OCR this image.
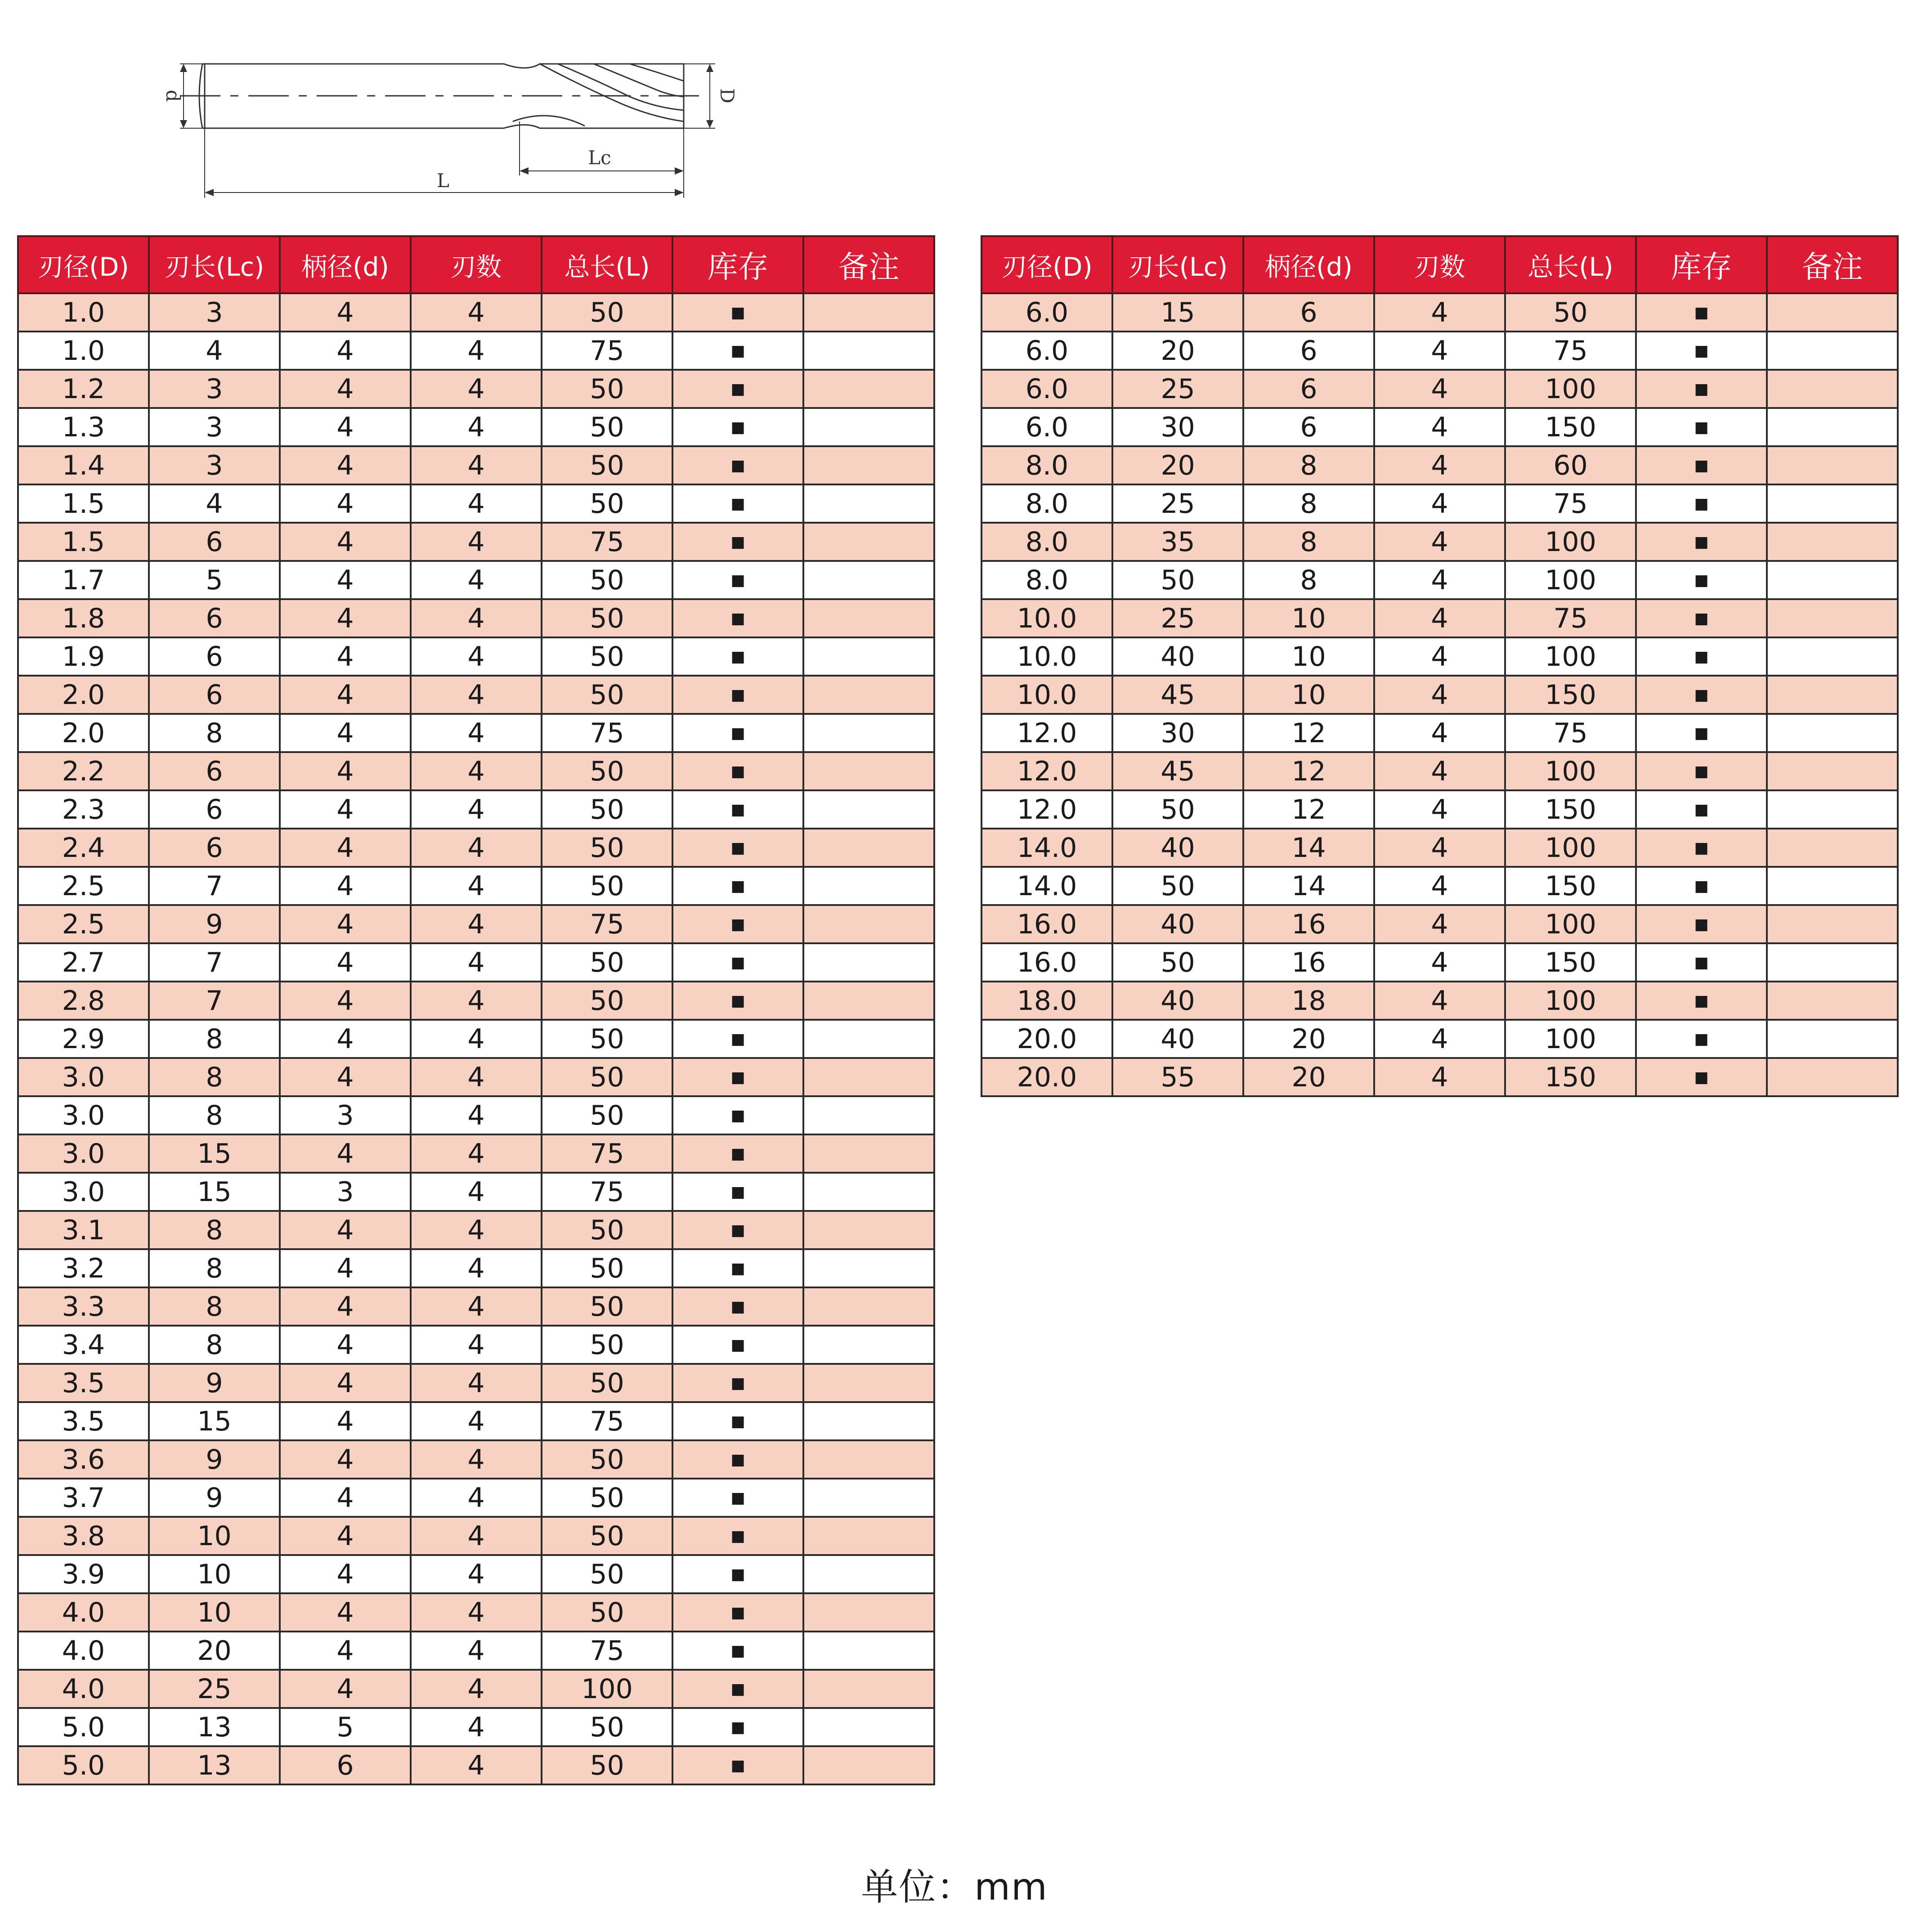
d	D
Lc
L
刃径(D)	刃长(Lc)	柄径(d)	刃数	总长(L)	库存	备注
1.0	3	4	4	50	■	
1.0	4	4	4	75	■	
1.2	3	4	4	50	■	
1.3	3	4	4	50	■	
1.4	3	4	4	50	■	
1.5	4	4	4	50	■	
1.5	6	4	4	75	■	
1.7	5	4	4	50	■	
1.8	6	4	4	50	■	
1.9	6	4	4	50	■	
2.0	6	4	4	50	■	
2.0	8	4	4	75	■	
2.2	6	4	4	50	■	
2.3	6	4	4	50	■	
2.4	6	4	4	50	■	
2.5	7	4	4	50	■	
2.5	9	4	4	75	■	
2.7	7	4	4	50	■	
2.8	7	4	4	50	■	
2.9	8	4	4	50	■	
3.0	8	4	4	50	■	
3.0	8	3	4	50	■	
3.0	15	4	4	75	■	
3.0	15	3	4	75	■	
3.1	8	4	4	50	■	
3.2	8	4	4	50	■	
3.3	8	4	4	50	■	
3.4	8	4	4	50	■	
3.5	9	4	4	50	■	
3.5	15	4	4	75	■	
3.6	9	4	4	50	■	
3.7	9	4	4	50	■	
3.8	10	4	4	50	■	
3.9	10	4	4	50	■	
4.0	10	4	4	50	■	
4.0	20	4	4	75	■	
4.0	25	4	4	100	■	
5.0	13	5	4	50	■	
5.0	13	6	4	50	■	
刃径(D)	刃长(Lc)	柄径(d)	刃数	总长(L)	库存	备注
6.0	15	6	4	50	■	
6.0	20	6	4	75	■	
6.0	25	6	4	100	■	
6.0	30	6	4	150	■	
8.0	20	8	4	60	■	
8.0	25	8	4	75	■	
8.0	35	8	4	100	■	
8.0	50	8	4	100	■	
10.0	25	10	4	75	■	
10.0	40	10	4	100	■	
10.0	45	10	4	150	■	
12.0	30	12	4	75	■	
12.0	45	12	4	100	■	
12.0	50	12	4	150	■	
14.0	40	14	4	100	■	
14.0	50	14	4	150	■	
16.0	40	16	4	100	■	
16.0	50	16	4	150	■	
18.0	40	18	4	100	■	
20.0	40	20	4	100	■	
20.0	55	20	4	150	■	
单位：mm
